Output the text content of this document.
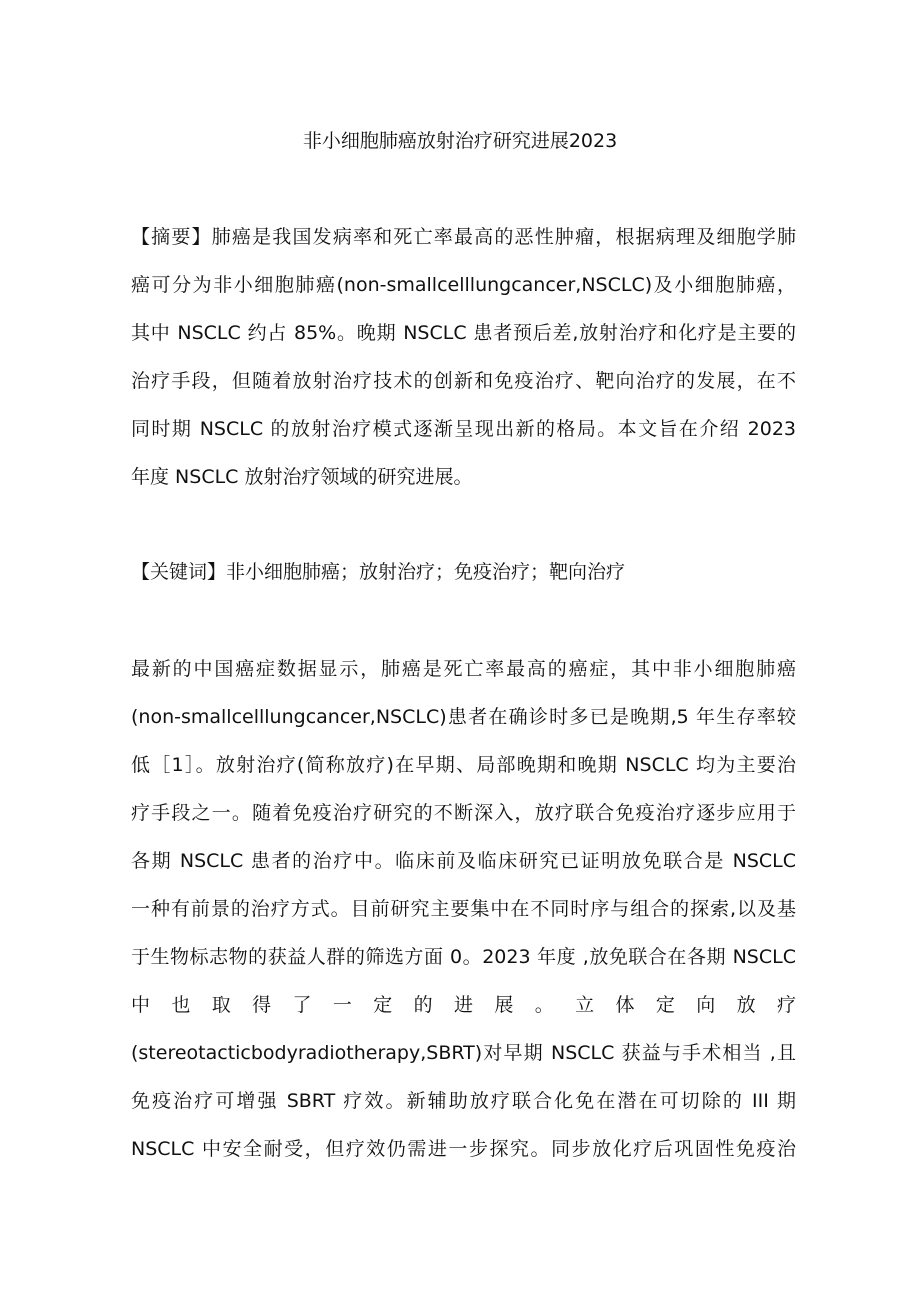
非小细胞肺癌放射治疗研究进展2023
【摘要】肺癌是我国发病率和死亡率最高的恶性肿瘤，根据病理及细胞学肺
癌可分为非小细胞肺癌(non-smallcelllungcancer,NSCLC)及小细胞肺癌，
其中 NSCLC 约占 85%。晚期 NSCLC 患者预后差,放射治疗和化疗是主要的
治疗手段，但随着放射治疗技术的创新和免疫治疗、靶向治疗的发展，在不
同时期 NSCLC 的放射治疗模式逐渐呈现出新的格局。本文旨在介绍 2023
年度 NSCLC 放射治疗领域的研究进展。
【关键词】非小细胞肺癌；放射治疗；免疫治疗；靶向治疗
最新的中国癌症数据显示，肺癌是死亡率最高的癌症，其中非小细胞肺癌
(non-smallcelllungcancer,NSCLC)患者在确诊时多已是晚期,5 年生存率较
低［1］。放射治疗(简称放疗)在早期、局部晚期和晚期 NSCLC 均为主要治
疗手段之一。随着免疫治疗研究的不断深入，放疗联合免疫治疗逐步应用于
各期 NSCLC 患者的治疗中。临床前及临床研究已证明放免联合是 NSCLC
一种有前景的治疗方式。目前研究主要集中在不同时序与组合的探索,以及基
于生物标志物的获益人群的筛选方面 0。2023 年度 ,放免联合在各期 NSCLC
中 也 取 得 了 一 定 的 进 展 。 立 体 定 向 放 疗
(stereotacticbodyradiotherapy,SBRT)对早期 NSCLC 获益与手术相当 ,且
免疫治疗可增强 SBRT 疗效。新辅助放疗联合化免在潜在可切除的 III 期
NSCLC 中安全耐受，但疗效仍需进一步探究。同步放化疗后巩固性免疫治
